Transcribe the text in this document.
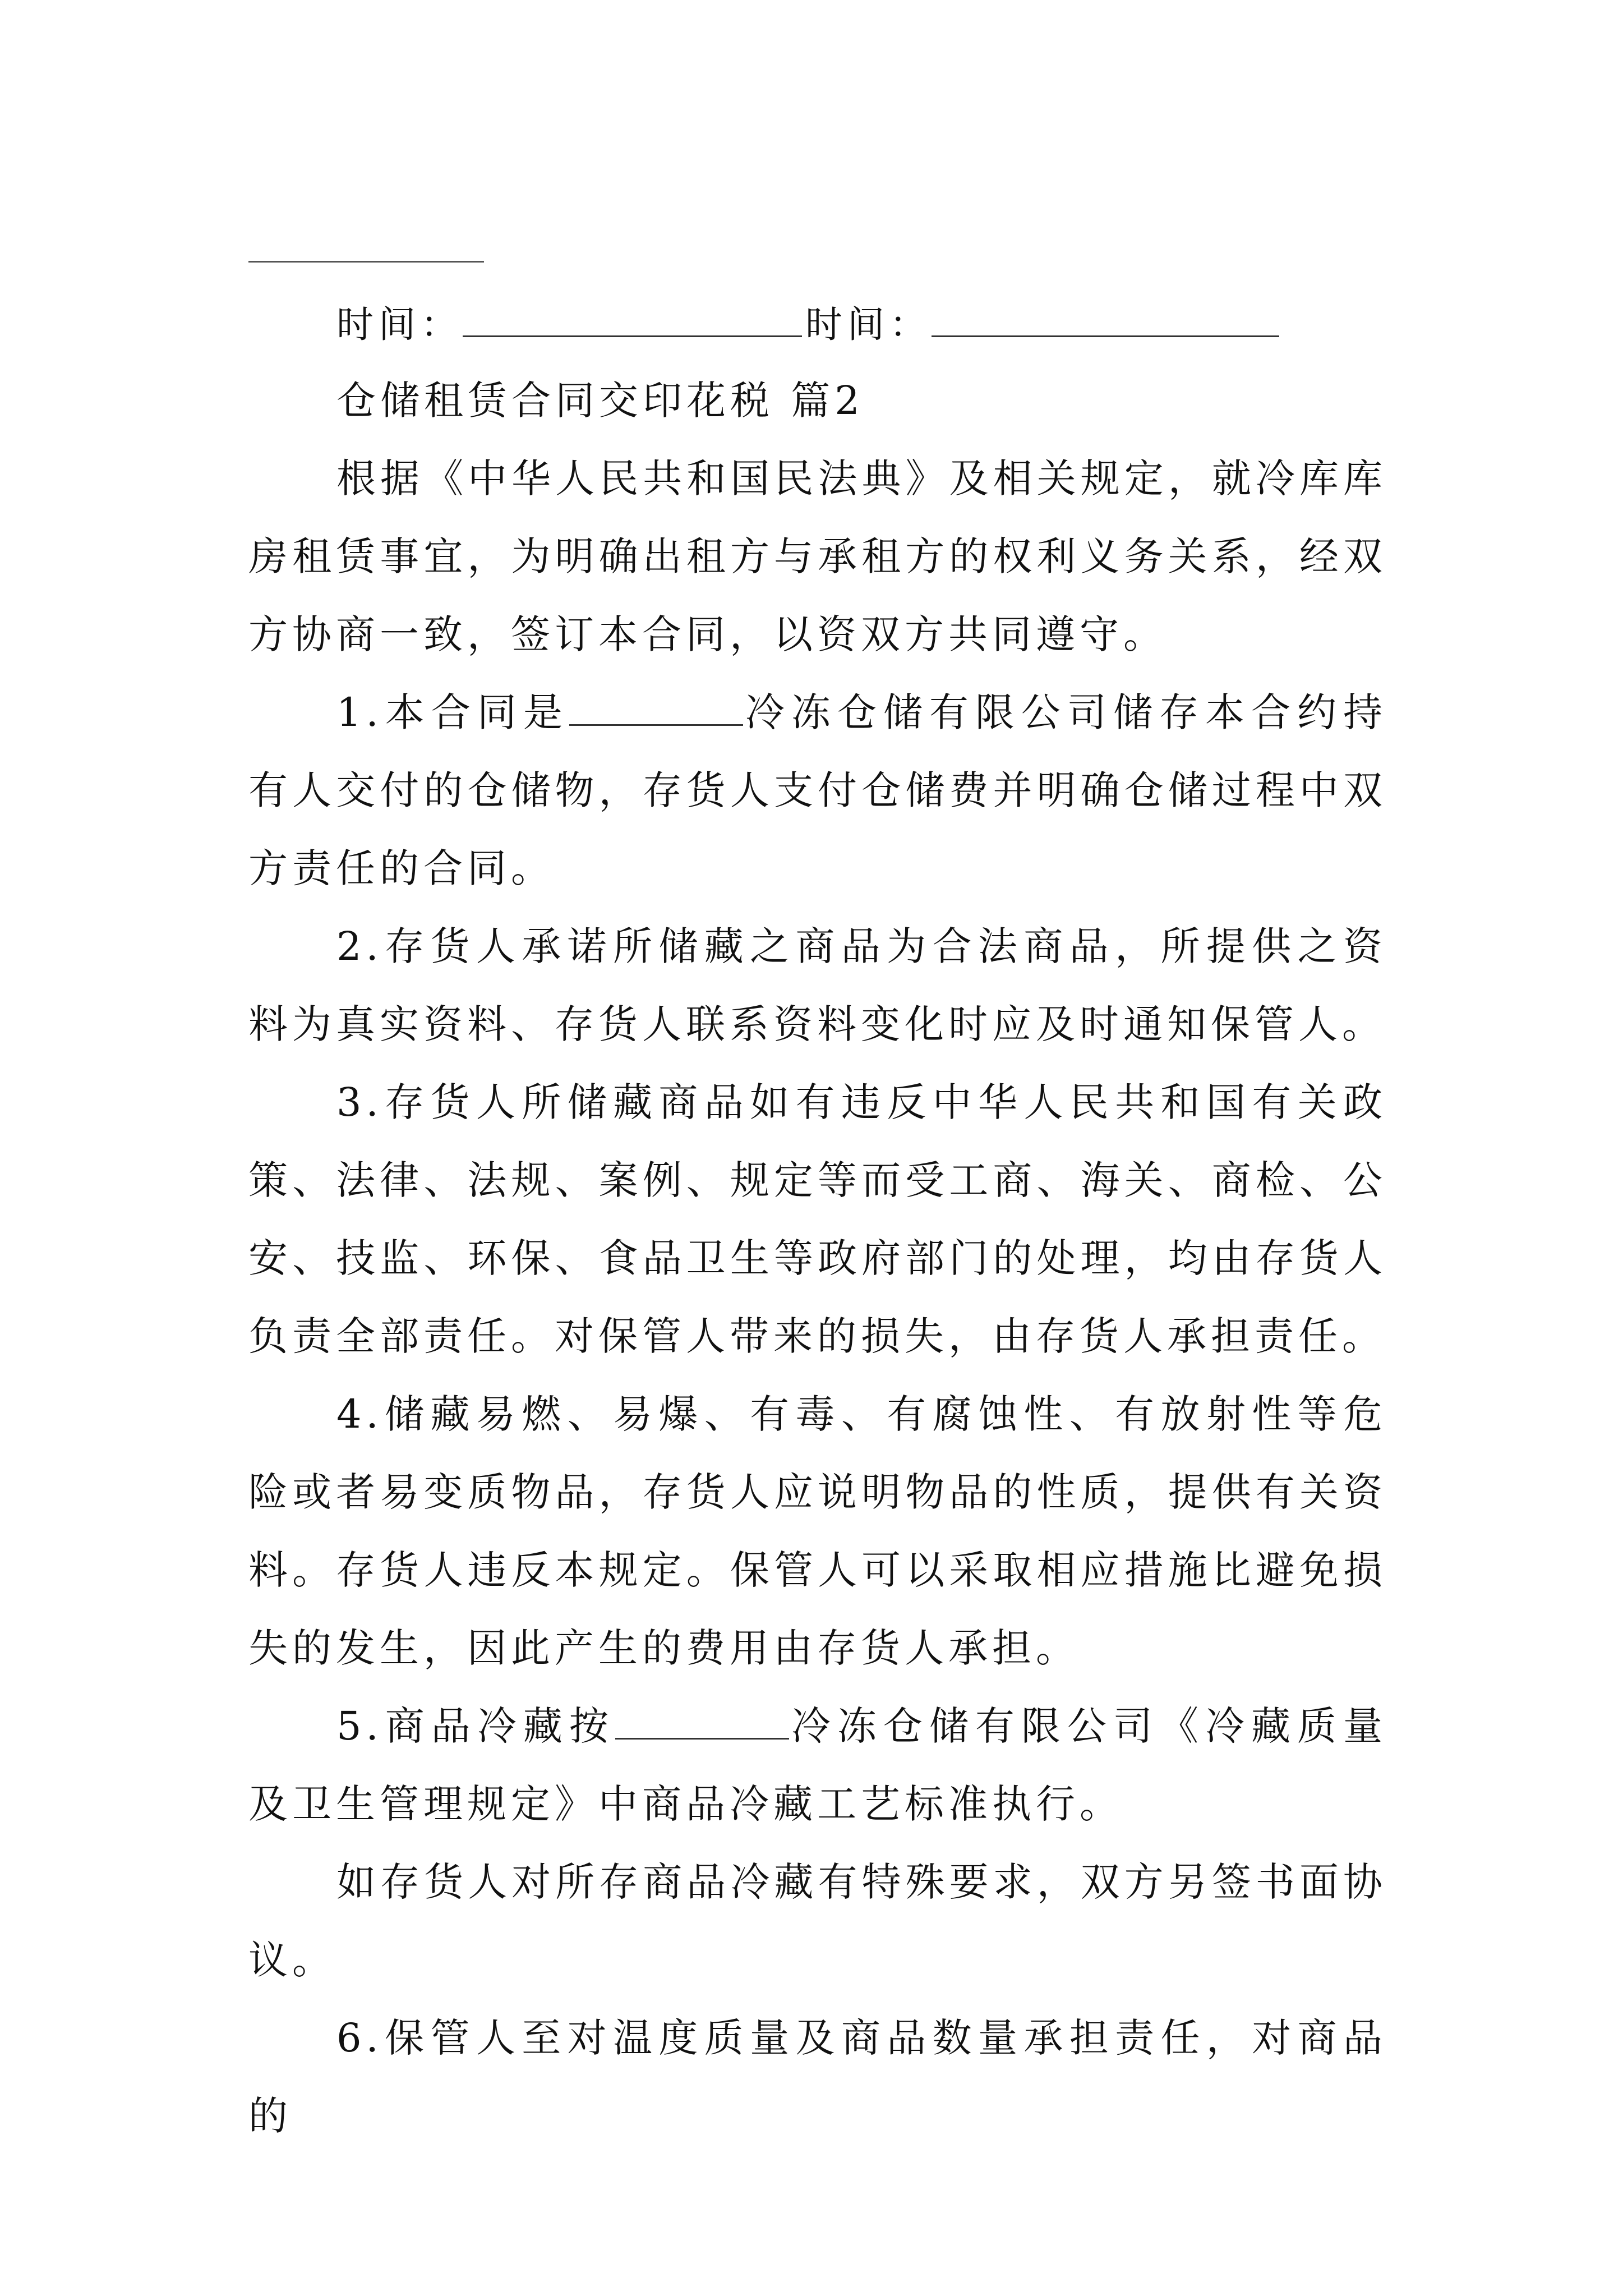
时间：	时间：

仓储租赁合同交印花税 篇2

根据《中华人民共和国民法典》及相关规定，就冷库库房租赁事宜，为明确出租方与承租方的权利义务关系，经双方协商一致，签订本合同，以资双方共同遵守。

1.本合同是	冷冻仓储有限公司储存本合约持有人交付的仓储物，存货人支付仓储费并明确仓储过程中双方责任的合同。

2.存货人承诺所储藏之商品为合法商品，所提供之资料为真实资料、存货人联系资料变化时应及时通知保管人。

3.存货人所储藏商品如有违反中华人民共和国有关政策、法律、法规、案例、规定等而受工商、海关、商检、公安、技监、环保、食品卫生等政府部门的处理，均由存货人负责全部责任。对保管人带来的损失，由存货人承担责任。

4.储藏易燃、易爆、有毒、有腐蚀性、有放射性等危险或者易变质物品，存货人应说明物品的性质，提供有关资料。存货人违反本规定。保管人可以采取相应措施比避免损失的发生，因此产生的费用由存货人承担。

5.商品冷藏按	冷冻仓储有限公司《冷藏质量及卫生管理规定》中商品冷藏工艺标准执行。

如存货人对所存商品冷藏有特殊要求，双方另签书面协议。

6.保管人至对温度质量及商品数量承担责任，对商品的
